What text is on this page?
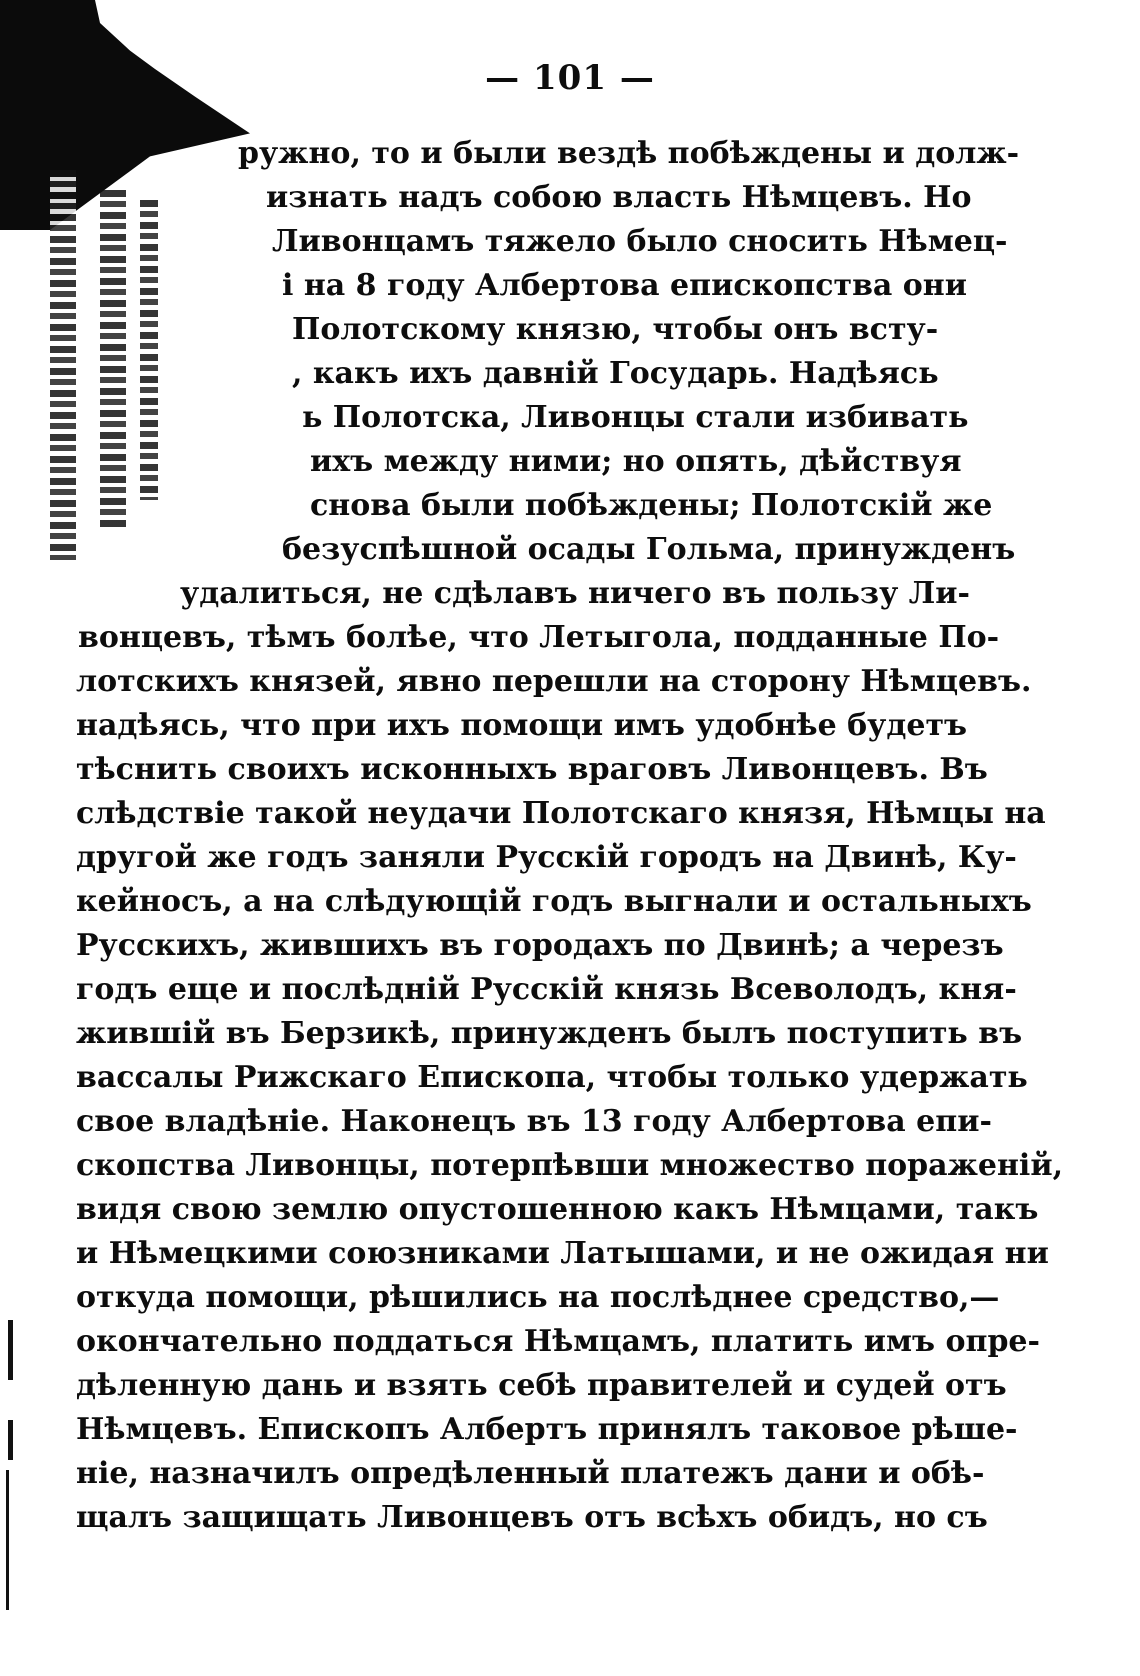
— 101 —
ружно, то и были вездѣ побѣждены и долж-
изнать надъ собою власть Нѣмцевъ. Но
Ливонцамъ тяжело было сносить Нѣмец-
і на 8 году Албертова епископства они
Полотскому князю, чтобы онъ всту-
, какъ ихъ давній Государь. Надѣясь
ь Полотска, Ливонцы стали избивать
ихъ между ними; но опять, дѣйствуя
снова были побѣждены; Полотскій же
безуспѣшной осады Гольма, принужденъ
удалиться, не сдѣлавъ ничего въ пользу Ли-
вонцевъ, тѣмъ болѣе, что Летыгола, подданные По-
лотскихъ князей, явно перешли на сторону Нѣмцевъ.
надѣясь, что при ихъ помощи имъ удобнѣе будетъ
тѣснить своихъ исконныхъ враговъ Ливонцевъ. Въ
слѣдствіе такой неудачи Полотскаго князя, Нѣмцы на
другой же годъ заняли Русскій городъ на Двинѣ, Ку-
кейносъ, а на слѣдующій годъ выгнали и остальныхъ
Русскихъ, жившихъ въ городахъ по Двинѣ; а черезъ
годъ еще и послѣдній Русскій князь Всеволодъ, кня-
жившій въ Берзикѣ, принужденъ былъ поступить въ
вассалы Рижскаго Епископа, чтобы только удержать
свое владѣніе. Наконецъ въ 13 году Албертова епи-
скопства Ливонцы, потерпѣвши множество пораженій,
видя свою землю опустошенною какъ Нѣмцами, такъ
и Нѣмецкими союзниками Латышами, и не ожидая ни
откуда помощи, рѣшились на послѣднее средство,—
окончательно поддаться Нѣмцамъ, платить имъ опре-
дѣленную дань и взять себѣ правителей и судей отъ
Нѣмцевъ. Епископъ Албертъ принялъ таковое рѣше-
ніе, назначилъ опредѣленный платежъ дани и обѣ-
щалъ защищать Ливонцевъ отъ всѣхъ обидъ, но съ
